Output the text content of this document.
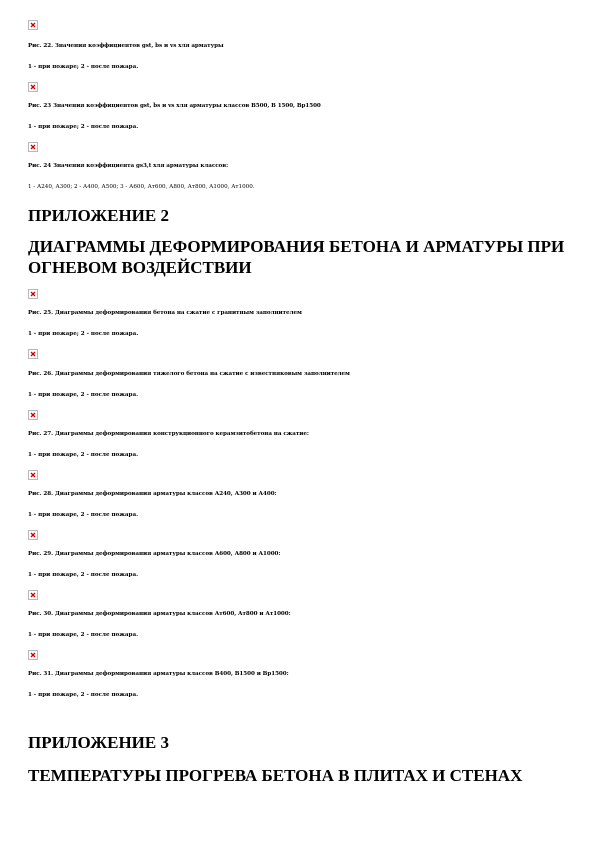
Рис. 22. Значения коэффициентов gst, bs и vs хля арматуры
1 - при пожаре; 2 - после пожара.
Рис. 23 Значения коэффициентов gst, bs и vs хля арматуры классов В500, В 1500, Вр1500
1 - при пожаре; 2 - после пожара.
Рис. 24 Значения коэффициента gs3,t хля арматуры классов:
1 - А240, А300; 2 - А400, А500; 3 - А600, Ат600, А800, Ат800, А1000, Ат1000.
ПРИЛОЖЕНИЕ 2
ДИАГРАММЫ ДЕФОРМИРОВАНИЯ БЕТОНА И АРМАТУРЫ ПРИ ОГНЕВОМ ВОЗДЕЙСТВИИ
Рис. 25. Диаграммы деформирования бетона на сжатие с гранитным заполнителем
1 - при пожаре; 2 - после пожара.
Рис. 26. Диаграммы деформирования тяжелого бетона на сжатие с известняковым заполнителем
1 - при пожаре, 2 - после пожара.
Рис. 27. Диаграммы деформирования конструкционного керамзитобетона на сжатие:
1 - при пожаре, 2 - после пожара.
Рис. 28. Диаграммы деформирования арматуры классов А240, А300 и А400:
1 - при пожаре, 2 - после пожара.
Рис. 29. Диаграммы деформирования арматуры классов А600, А800 и А1000:
1 - при пожаре, 2 - после пожара.
Рис. 30. Диаграммы деформирования арматуры классов Ат600, Ат800 и Ат1000:
1 - при пожаре, 2 - после пожара.
Рис. 31. Диаграммы деформирования арматуры классов В400, В1500 и Вр1500:
1 - при пожаре, 2 - после пожара.
ПРИЛОЖЕНИЕ 3
ТЕМПЕРАТУРЫ ПРОГРЕВА БЕТОНА В ПЛИТАХ И СТЕНАХ
